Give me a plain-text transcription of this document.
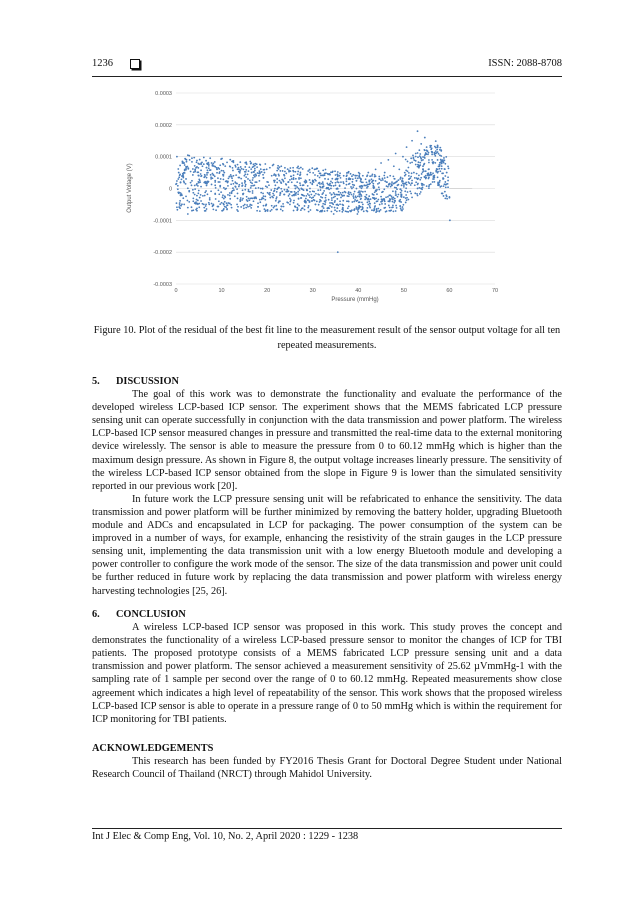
1236	ISSN: 2088-8708
0.0003
0.0002
0.0001
0
-0.0001
-0.0002
-0.0003
0	10	20	30	40	50	60	70
Pressure (mmHg)
Output Voltage (V)
Figure 10. Plot of the residual of the best fit line to the measurement result of the sensor output voltage for all ten repeated measurements.
5. DISCUSSION

The goal of this work was to demonstrate the functionality and evaluate the performance of the developed wireless LCP-based ICP sensor. The experiment shows that the MEMS fabricated LCP pressure sensing unit can operate successfully in conjunction with the data transmission and power platform. The wireless LCP-based ICP sensor measured changes in pressure and transmitted the real-time data to the external monitoring device wirelessly. The sensor is able to measure the pressure from 0 to 60.12 mmHg which is higher than the maximum design pressure. As shown in Figure 8, the output voltage increases linearly pressure. The sensitivity of the wireless LCP-based ICP sensor obtained from the slope in Figure 9 is lower than the simulated sensitivity reported in our previous work [20].

In future work the LCP pressure sensing unit will be refabricated to enhance the sensitivity. The data transmission and power platform will be further minimized by removing the battery holder, upgrading Bluetooth module and ADCs and encapsulated in LCP for packaging. The power consumption of the system can be improved in a number of ways, for example, enhancing the resistivity of the strain gauges in the LCP pressure sensing unit, implementing the data transmission unit with a low energy Bluetooth module and developing a power controller to configure the work mode of the sensor. The size of the data transmission and power unit could be further reduced in future work by replacing the data transmission and power platform with wireless energy harvesting technologies [25, 26].

6. CONCLUSION

A wireless LCP-based ICP sensor was proposed in this work. This study proves the concept and demonstrates the functionality of a wireless LCP-based pressure sensor to monitor the changes of ICP for TBI patients. The proposed prototype consists of a MEMS fabricated LCP pressure sensing unit and a data transmission and power platform. The sensor achieved a measurement sensitivity of 25.62 µVmmHg-1 with the sampling rate of 1 sample per second over the range of 0 to 60.12 mmHg. Repeated measurements show close agreement which indicates a high level of repeatability of the sensor. This work shows that the proposed wireless LCP-based ICP sensor is able to operate in a pressure range of 0 to 50 mmHg which is within the requirement for ICP monitoring for TBI patients.

ACKNOWLEDGEMENTS

This research has been funded by FY2016 Thesis Grant for Doctoral Degree Student under National Research Council of Thailand (NRCT) through Mahidol University.

Int J Elec & Comp Eng, Vol. 10, No. 2, April 2020 : 1229 - 1238
